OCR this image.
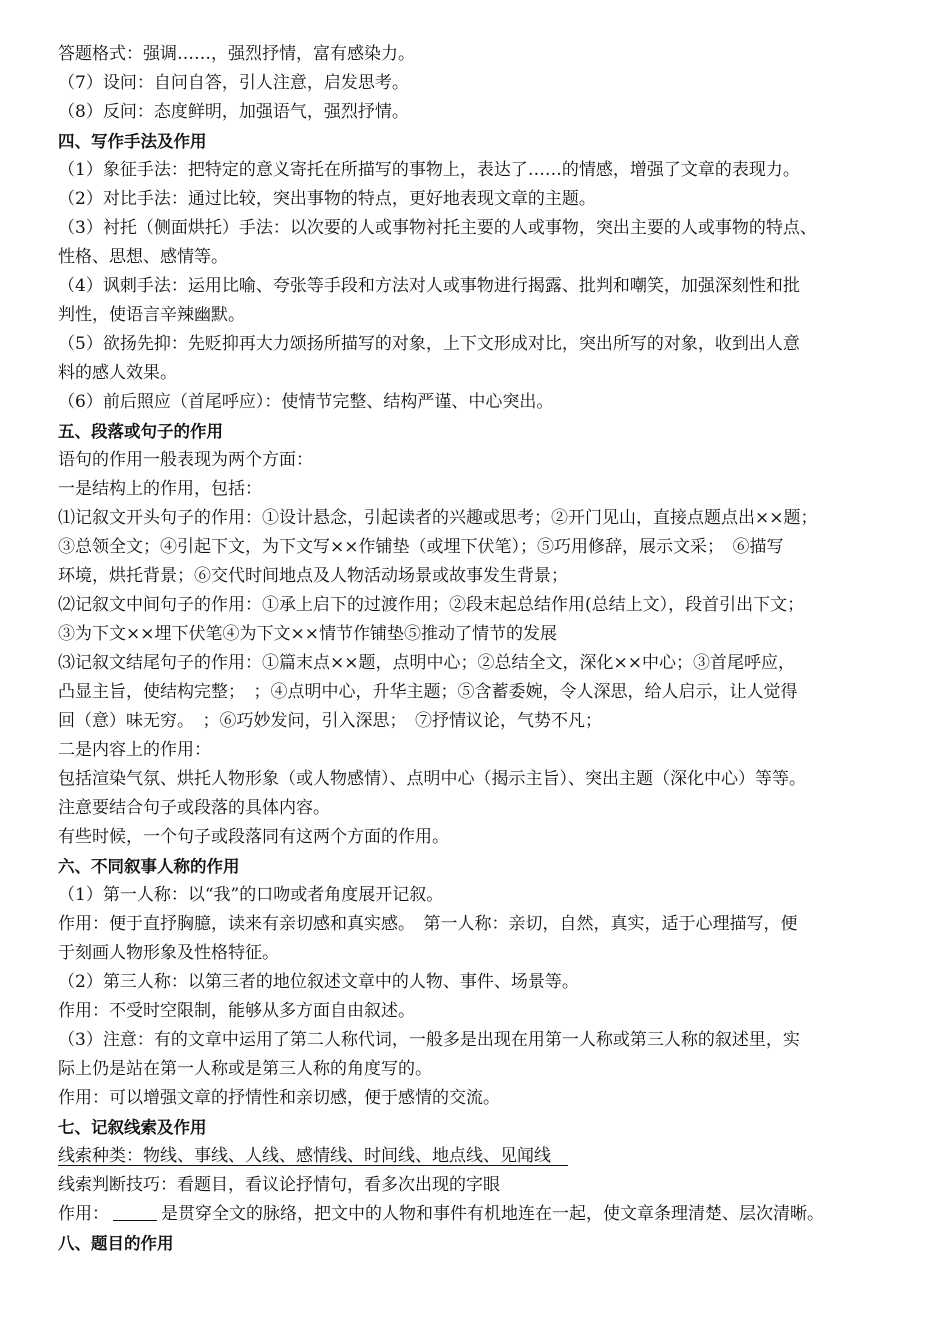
答题格式：强调……，强烈抒情，富有感染力。
（7）设问：自问自答，引人注意，启发思考。
（8）反问：态度鲜明，加强语气，强烈抒情。
四、写作手法及作用
（1）象征手法：把特定的意义寄托在所描写的事物上，表达了……的情感，增强了文章的表现力。
（2）对比手法：通过比较，突出事物的特点，更好地表现文章的主题。
（3）衬托（侧面烘托）手法：以次要的人或事物衬托主要的人或事物，突出主要的人或事物的特点、
性格、思想、感情等。
（4）讽刺手法：运用比喻、夸张等手段和方法对人或事物进行揭露、批判和嘲笑，加强深刻性和批
判性，使语言辛辣幽默。
（5）欲扬先抑：先贬抑再大力颂扬所描写的对象，上下文形成对比，突出所写的对象，收到出人意
料的感人效果。
（6）前后照应（首尾呼应）：使情节完整、结构严谨、中心突出。
五、段落或句子的作用
语句的作用一般表现为两个方面：
一是结构上的作用，包括：
⑴记叙文开头句子的作用：①设计悬念，引起读者的兴趣或思考；②开门见山，直接点题点出××题；
③总领全文；④引起下文，为下文写××作铺垫（或埋下伏笔）；⑤巧用修辞，展示文采；　⑥描写
环境，烘托背景；⑥交代时间地点及人物活动场景或故事发生背景；
⑵记叙文中间句子的作用：①承上启下的过渡作用；②段末起总结作用(总结上文），段首引出下文；
③为下文××埋下伏笔④为下文××情节作铺垫⑤推动了情节的发展
⑶记叙文结尾句子的作用：①篇末点××题，点明中心；②总结全文，深化××中心；③首尾呼应，
凸显主旨，使结构完整；　；④点明中心，升华主题；⑤含蓄委婉，令人深思，给人启示，让人觉得
回（意）味无穷。　；⑥巧妙发问，引入深思；　⑦抒情议论，气势不凡；
二是内容上的作用：
包括渲染气氛、烘托人物形象（或人物感情）、点明中心（揭示主旨）、突出主题（深化中心）等等。
注意要结合句子或段落的具体内容。
有些时候，一个句子或段落同有这两个方面的作用。
六、不同叙事人称的作用
（1）第一人称：以“我”的口吻或者角度展开记叙。
作用：便于直抒胸臆，读来有亲切感和真实感。　第一人称：亲切，自然，真实，适于心理描写，便
于刻画人物形象及性格特征。
（2）第三人称：以第三者的地位叙述文章中的人物、事件、场景等。
作用：不受时空限制，能够从多方面自由叙述。
（3）注意：有的文章中运用了第二人称代词，一般多是出现在用第一人称或第三人称的叙述里，实
际上仍是站在第一人称或是第三人称的角度写的。
作用：可以增强文章的抒情性和亲切感，便于感情的交流。
七、记叙线索及作用
线索种类：物线、事线、人线、感情线、时间线、地点线、见闻线　
线索判断技巧：看题目，看议论抒情句，看多次出现的字眼
作用：	是贯穿全文的脉络，把文中的人物和事件有机地连在一起，使文章条理清楚、层次清晰。
八、题目的作用
